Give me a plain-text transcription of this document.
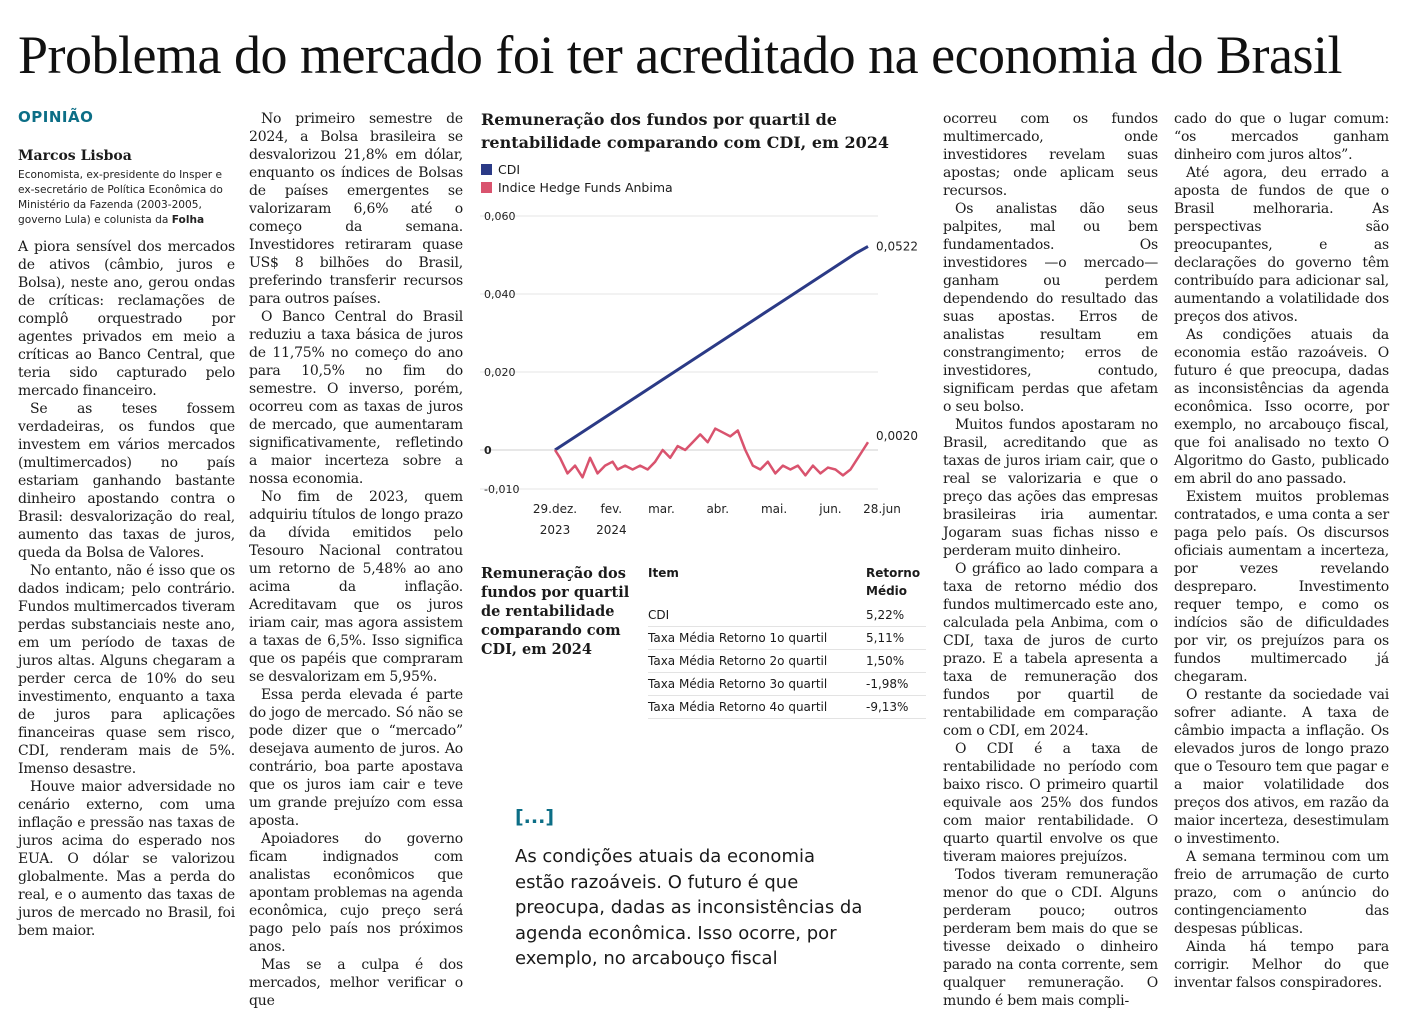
Problema do mercado foi ter acreditado na economia do Brasil
OPINIÃO
Marcos Lisboa
Economista, ex-presidente do Insper e ex-secretário de Política Econômica do Ministério da Fazenda (2003-2005, governo Lula) e colunista da Folha

A piora sensível dos mercados de ativos (câmbio, juros e Bolsa), neste ano, gerou ondas de críticas: reclamações de complô orquestrado por agentes privados em meio a críticas ao Banco Central, que teria sido capturado pelo mercado financeiro.

Se as teses fossem verdadeiras, os fundos que investem em vários mercados (multimercados) no país estariam ganhando bastante dinheiro apostando contra o Brasil: desvalorização do real, aumento das taxas de juros, queda da Bolsa de Valores.

No entanto, não é isso que os dados indicam; pelo contrário. Fundos multimercados tiveram perdas substanciais neste ano, em um período de taxas de juros altas. Alguns chegaram a perder cerca de 10% do seu investimento, enquanto a taxa de juros para aplicações financeiras quase sem risco, CDI, renderam mais de 5%. Imenso desastre.

Houve maior adversidade no cenário externo, com uma inflação e pressão nas taxas de juros acima do esperado nos EUA. O dólar se valorizou globalmente. Mas a perda do real, e o aumento das taxas de juros de mercado no Brasil, foi bem maior.

No primeiro semestre de 2024, a Bolsa brasileira se desvalorizou 21,8% em dólar, enquanto os índices de Bolsas de países emergentes se valorizaram 6,6% até o começo da semana. Investidores retiraram quase US$ 8 bilhões do Brasil, preferindo transferir recursos para outros países.

O Banco Central do Brasil reduziu a taxa básica de juros de 11,75% no começo do ano para 10,5% no fim do semestre. O inverso, porém, ocorreu com as taxas de juros de mercado, que aumentaram significativamente, refletindo a maior incerteza sobre a nossa economia.

No fim de 2023, quem adquiriu títulos de longo prazo da dívida emitidos pelo Tesouro Nacional contratou um retorno de 5,48% ao ano acima da inflação. Acreditavam que os juros iriam cair, mas agora assistem a taxas de 6,5%. Isso significa que os papéis que compraram se desvalorizam em 5,95%.

Essa perda elevada é parte do jogo de mercado. Só não se pode dizer que o “mercado” desejava aumento de juros. Ao contrário, boa parte apostava que os juros iam cair e teve um grande prejuízo com essa aposta.

Apoiadores do governo ficam indignados com analistas econômicos que apontam problemas na agenda econômica, cujo preço será pago pelo país nos próximos anos.

Mas se a culpa é dos mercados, melhor verificar o que

Remuneração dos fundos por quartil de rentabilidade comparando com CDI, em 2024
CDI
Indice Hedge Funds Anbima
0,060
0,040
0,020
0
-0,010
29.dez.
2023
fev.
2024
mar.	abr.	mai.	jun. 28.jun
0,0522
0,0020
Remuneração dos fundos por quartil de rentabilidade comparando com CDI, em 2024
Item	Retorno Médio
CDI	5,22%
Taxa Média Retorno 1o quartil	5,11%
Taxa Média Retorno 2o quartil	1,50%
Taxa Média Retorno 3o quartil	-1,98%
Taxa Média Retorno 4o quartil	-9,13%
[...]
As condições atuais da economia estão razoáveis. O futuro é que preocupa, dadas as inconsistências da agenda econômica. Isso ocorre, por exemplo, no arcabouço fiscal

ocorreu com os fundos multimercado, onde investidores revelam suas apostas; onde aplicam seus recursos.

Os analistas dão seus palpites, mal ou bem fundamentados. Os investidores —o mercado— ganham ou perdem dependendo do resultado das suas apostas. Erros de analistas resultam em constrangimento; erros de investidores, contudo, significam perdas que afetam o seu bolso.

Muitos fundos apostaram no Brasil, acreditando que as taxas de juros iriam cair, que o real se valorizaria e que o preço das ações das empresas brasileiras iria aumentar. Jogaram suas fichas nisso e perderam muito dinheiro.

O gráfico ao lado compara a taxa de retorno médio dos fundos multimercado este ano, calculada pela Anbima, com o CDI, taxa de juros de curto prazo. E a tabela apresenta a taxa de remuneração dos fundos por quartil de rentabilidade em comparação com o CDI, em 2024.

O CDI é a taxa de rentabilidade no período com baixo risco. O primeiro quartil equivale aos 25% dos fundos com maior rentabilidade. O quarto quartil envolve os que tiveram maiores prejuízos.

Todos tiveram remuneração menor do que o CDI. Alguns perderam pouco; outros perderam bem mais do que se tivesse deixado o dinheiro parado na conta corrente, sem qualquer remuneração. O mundo é bem mais compli-

cado do que o lugar comum: “os mercados ganham dinheiro com juros altos”.

Até agora, deu errado a aposta de fundos de que o Brasil melhoraria. As perspectivas são preocupantes, e as declarações do governo têm contribuído para adicionar sal, aumentando a volatilidade dos preços dos ativos.

As condições atuais da economia estão razoáveis. O futuro é que preocupa, dadas as inconsistências da agenda econômica. Isso ocorre, por exemplo, no arcabouço fiscal, que foi analisado no texto O Algoritmo do Gasto, publicado em abril do ano passado.

Existem muitos problemas contratados, e uma conta a ser paga pelo país. Os discursos oficiais aumentam a incerteza, por vezes revelando despreparo. Investimento requer tempo, e como os indícios são de dificuldades por vir, os prejuízos para os fundos multimercado já chegaram.

O restante da sociedade vai sofrer adiante. A taxa de câmbio impacta a inflação. Os elevados juros de longo prazo que o Tesouro tem que pagar e a maior volatilidade dos preços dos ativos, em razão da maior incerteza, desestimulam o investimento.

A semana terminou com um freio de arrumação de curto prazo, com o anúncio do contingenciamento das despesas públicas.

Ainda há tempo para corrigir. Melhor do que inventar falsos conspiradores.
